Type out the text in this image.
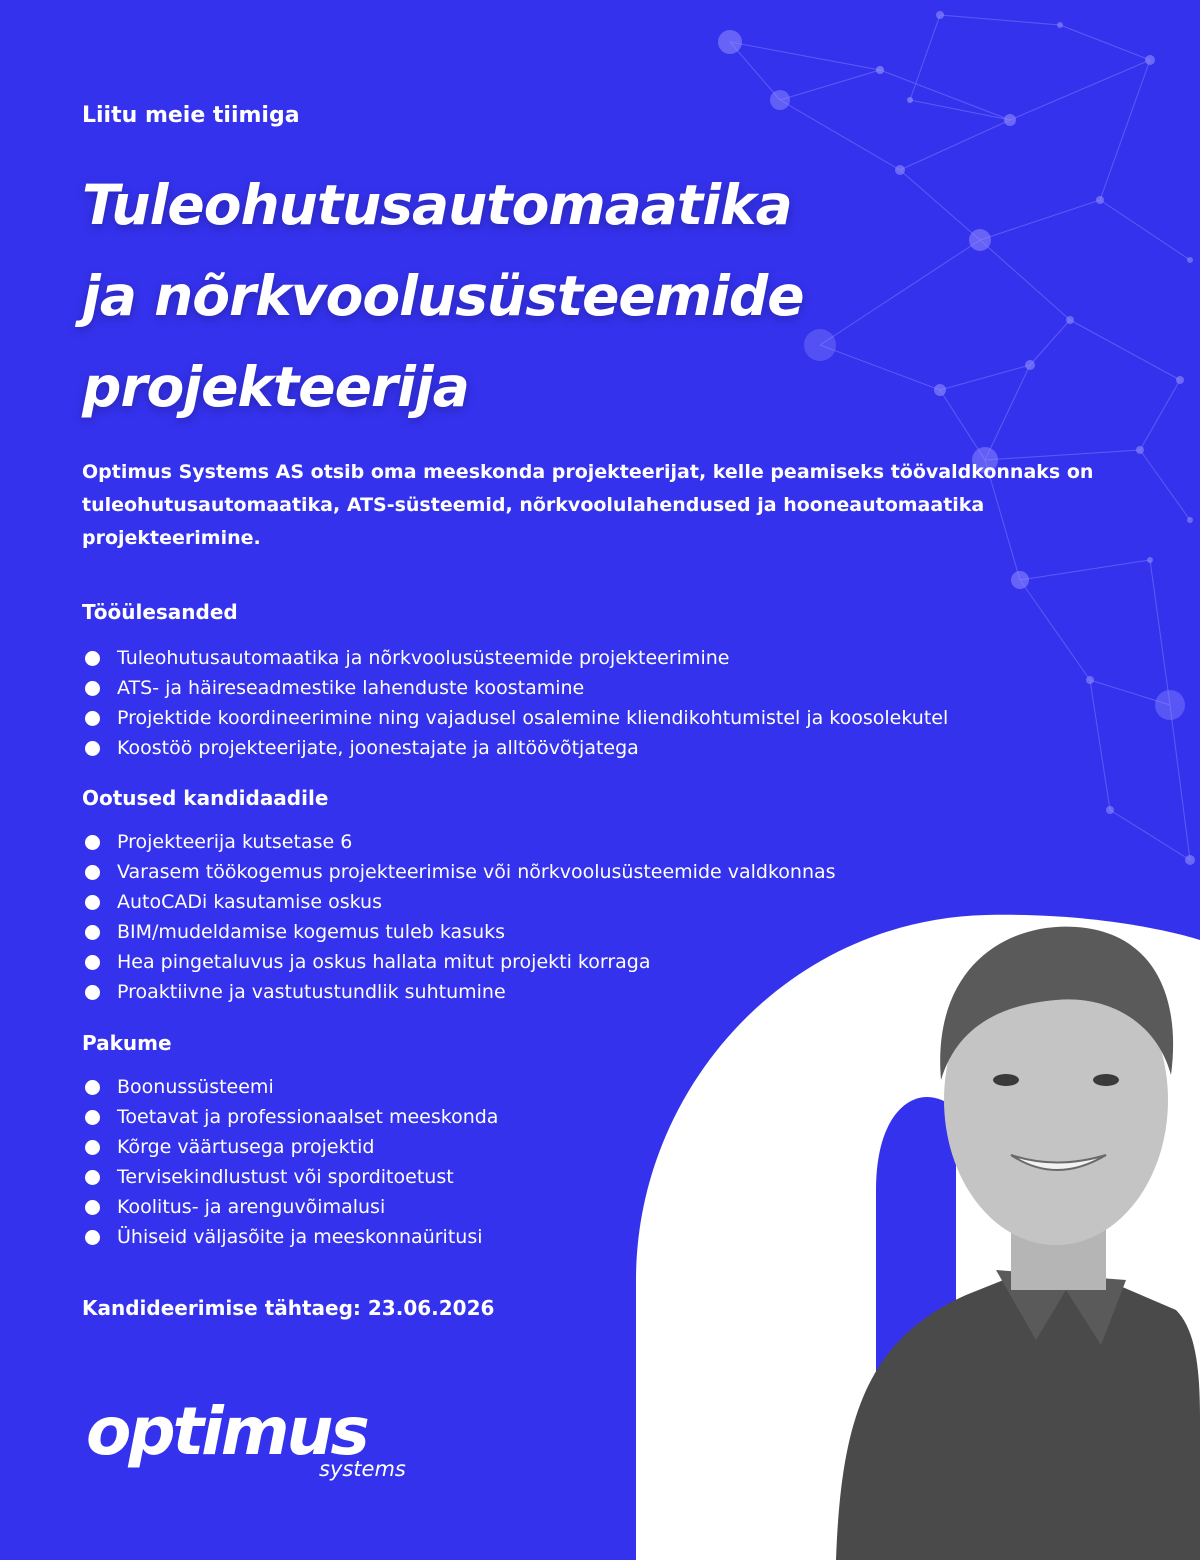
Liitu meie tiimiga

Tuleohutusautomaatika
ja nõrkvoolusüsteemide
projekteerija

Optimus Systems AS otsib oma meeskonda projekteerijat, kelle peamiseks töövaldkonnaks on tuleohutusautomaatika, ATS-süsteemid, nõrkvoolulahendused ja hooneautomaatika projekteerimine.

Tööülesanded
Tuleohutusautomaatika ja nõrkvoolusüsteemide projekteerimine
ATS- ja häireseadmestike lahenduste koostamine
Projektide koordineerimine ning vajadusel osalemine kliendikohtumistel ja koosolekutel
Koostöö projekteerijate, joonestajate ja alltöövõtjatega
Ootused kandidaadile
Projekteerija kutsetase 6
Varasem töökogemus projekteerimise või nõrkvoolusüsteemide valdkonnas
AutoCADi kasutamise oskus
BIM/mudeldamise kogemus tuleb kasuks
Hea pingetaluvus ja oskus hallata mitut projekti korraga
Proaktiivne ja vastutustundlik suhtumine
Pakume
Boonussüsteemi
Toetavat ja professionaalset meeskonda
Kõrge väärtusega projektid
Tervisekindlustust või sporditoetust
Koolitus- ja arenguvõimalusi
Ühiseid väljasõite ja meeskonnaüritusi

Kandideerimise tähtaeg: 23.06.2026

optimus

systems
